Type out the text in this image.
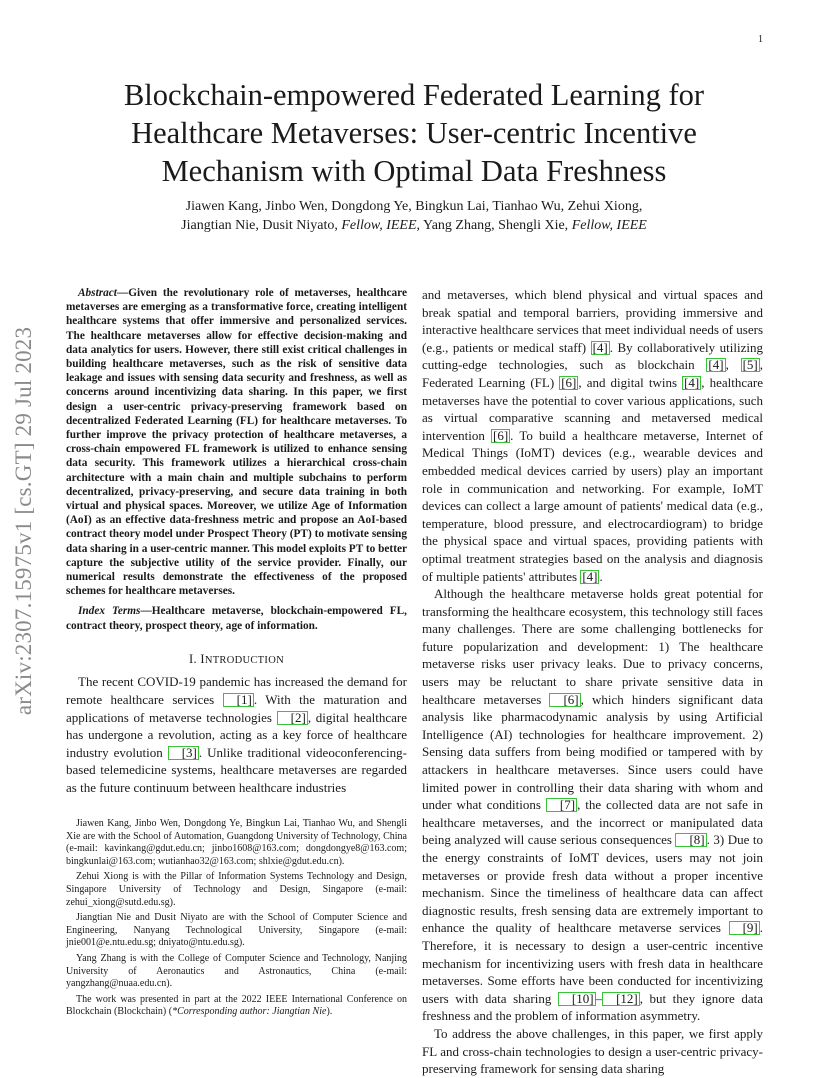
1
arXiv:2307.15975v1 [cs.GT] 29 Jul 2023
Blockchain-empowered Federated Learning for Healthcare Metaverses: User-centric Incentive Mechanism with Optimal Data Freshness
Jiawen Kang, Jinbo Wen, Dongdong Ye, Bingkun Lai, Tianhao Wu, Zehui Xiong,
Jiangtian Nie, Dusit Niyato, Fellow, IEEE, Yang Zhang, Shengli Xie, Fellow, IEEE

Abstract—Given the revolutionary role of metaverses, healthcare metaverses are emerging as a transformative force, creating intelligent healthcare systems that offer immersive and personalized services. The healthcare metaverses allow for effective decision-making and data analytics for users. However, there still exist critical challenges in building healthcare metaverses, such as the risk of sensitive data leakage and issues with sensing data security and freshness, as well as concerns around incentivizing data sharing. In this paper, we first design a user-centric privacy-preserving framework based on decentralized Federated Learning (FL) for healthcare metaverses. To further improve the privacy protection of healthcare metaverses, a cross-chain empowered FL framework is utilized to enhance sensing data security. This framework utilizes a hierarchical cross-chain architecture with a main chain and multiple subchains to perform decentralized, privacy-preserving, and secure data training in both virtual and physical spaces. Moreover, we utilize Age of Information (AoI) as an effective data-freshness metric and propose an AoI-based contract theory model under Prospect Theory (PT) to motivate sensing data sharing in a user-centric manner. This model exploits PT to better capture the subjective utility of the service provider. Finally, our numerical results demonstrate the effectiveness of the proposed schemes for healthcare metaverses.

Index Terms—Healthcare metaverse, blockchain-empowered FL, contract theory, prospect theory, age of information.

I. INTRODUCTION

The recent COVID-19 pandemic has increased the demand for remote healthcare services [1] . With the maturation and applications of metaverse technologies [2] , digital healthcare has undergone a revolution, acting as a key force of healthcare industry evolution [3] . Unlike traditional videoconferencing-based telemedicine systems, healthcare metaverses are regarded as the future continuum between healthcare industries

Jiawen Kang, Jinbo Wen, Dongdong Ye, Bingkun Lai, Tianhao Wu, and Shengli Xie are with the School of Automation, Guangdong University of Technology, China (e-mail: kavinkang@gdut.edu.cn; jinbo1608@163.com; dongdongye8@163.com; bingkunlai@163.com; wutianhao32@163.com; shlxie@gdut.edu.cn).

Zehui Xiong is with the Pillar of Information Systems Technology and Design, Singapore University of Technology and Design, Singapore (e-mail: zehui_xiong@sutd.edu.sg).

Jiangtian Nie and Dusit Niyato are with the School of Computer Science and Engineering, Nanyang Technological University, Singapore (e-mail: jnie001@e.ntu.edu.sg; dniyato@ntu.edu.sg).

Yang Zhang is with the College of Computer Science and Technology, Nanjing University of Aeronautics and Astronautics, China (e-mail: yangzhang@nuaa.edu.cn).

The work was presented in part at the 2022 IEEE International Conference on Blockchain (Blockchain) (*Corresponding author: Jiangtian Nie).

and metaverses, which blend physical and virtual spaces and break spatial and temporal barriers, providing immersive and interactive healthcare services that meet individual needs of users (e.g., patients or medical staff) [4] . By collaboratively utilizing cutting-edge technologies, such as blockchain [4] , [5] , Federated Learning (FL) [6] , and digital twins [4] , healthcare metaverses have the potential to cover various applications, such as virtual comparative scanning and metaversed medical intervention [6] . To build a healthcare metaverse, Internet of Medical Things (IoMT) devices (e.g., wearable devices and embedded medical devices carried by users) play an important role in communication and networking. For example, IoMT devices can collect a large amount of patients' medical data (e.g., temperature, blood pressure, and electrocardiogram) to bridge the physical space and virtual spaces, providing patients with optimal treatment strategies based on the analysis and diagnosis of multiple patients' attributes [4] .

Although the healthcare metaverse holds great potential for transforming the healthcare ecosystem, this technology still faces many challenges. There are some challenging bottlenecks for future popularization and development: 1) The healthcare metaverse risks user privacy leaks. Due to privacy concerns, users may be reluctant to share private sensitive data in healthcare metaverses [6] , which hinders significant data analysis like pharmacodynamic analysis by using Artificial Intelligence (AI) technologies for healthcare improvement. 2) Sensing data suffers from being modified or tampered with by attackers in healthcare metaverses. Since users could have limited power in controlling their data sharing with whom and under what conditions [7] , the collected data are not safe in healthcare metaverses, and the incorrect or manipulated data being analyzed will cause serious consequences [8] . 3) Due to the energy constraints of IoMT devices, users may not join metaverses or provide fresh data without a proper incentive mechanism. Since the timeliness of healthcare data can affect diagnostic results, fresh sensing data are extremely important to enhance the quality of healthcare metaverse services [9] . Therefore, it is necessary to design a user-centric incentive mechanism for incentivizing users with fresh data in healthcare metaverses. Some efforts have been conducted for incentivizing users with data sharing [10] – [12] , but they ignore data freshness and the problem of information asymmetry.

To address the above challenges, in this paper, we first apply FL and cross-chain technologies to design a user-centric privacy-preserving framework for sensing data sharing
